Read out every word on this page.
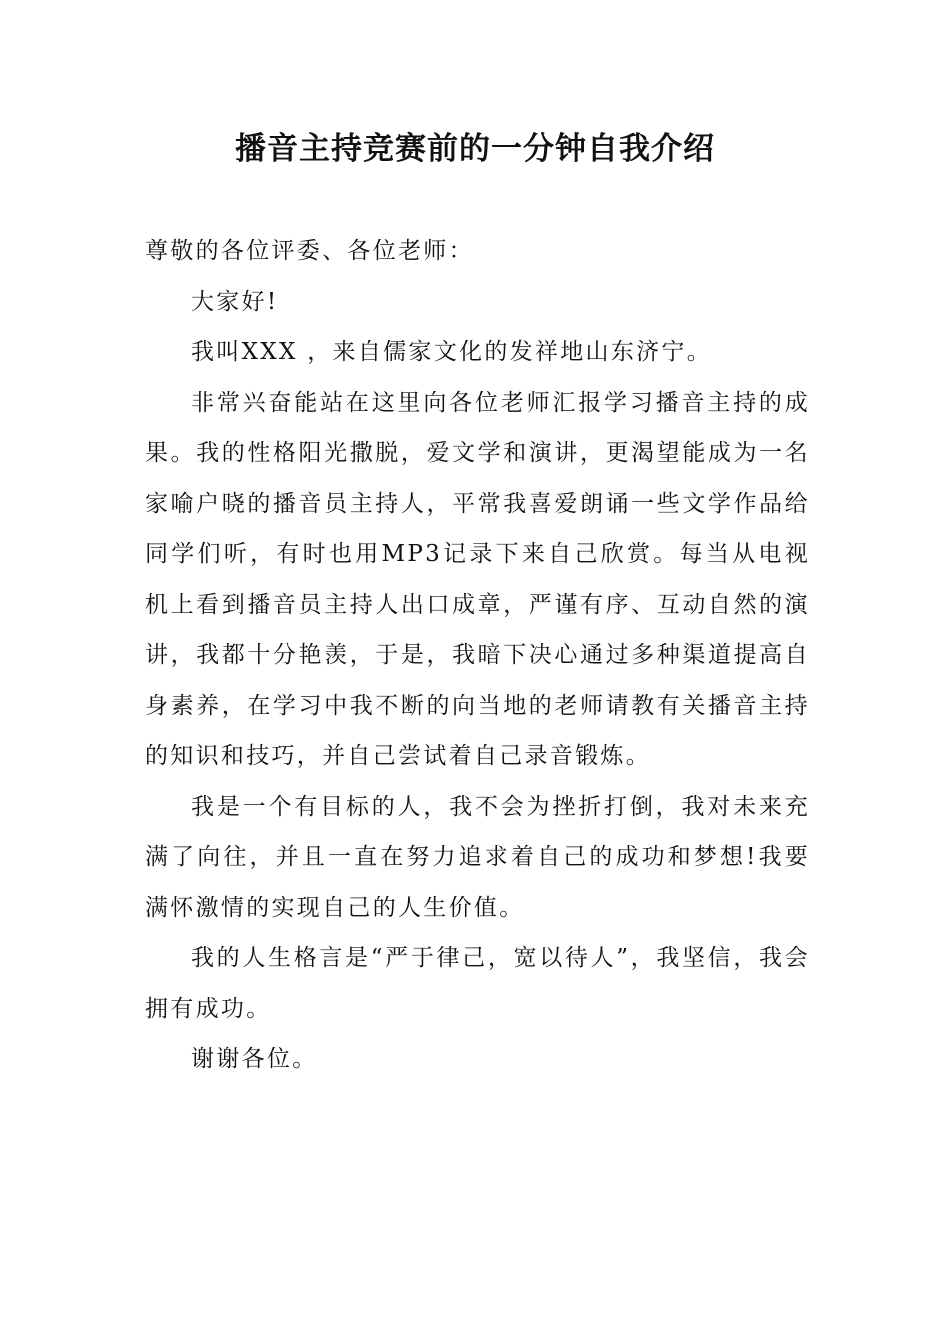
播音主持竞赛前的一分钟自我介绍

尊敬的各位评委、各位老师：

大家好!

我叫XXX ，来自儒家文化的发祥地山东济宁。

非常兴奋能站在这里向各位老师汇报学习播音主持的成果。我的性格阳光撒脱，爱文学和演讲，更渴望能成为一名家喻户晓的播音员主持人，平常我喜爱朗诵一些文学作品给同学们听，有时也用MP3记录下来自己欣赏。每当从电视机上看到播音员主持人出口成章，严谨有序、互动自然的演讲，我都十分艳羡，于是，我暗下决心通过多种渠道提高自身素养，在学习中我不断的向当地的老师请教有关播音主持的知识和技巧，并自己尝试着自己录音锻炼。

我是一个有目标的人，我不会为挫折打倒，我对未来充满了向往，并且一直在努力追求着自己的成功和梦想!我要满怀激情的实现自己的人生价值。

我的人生格言是“严于律己，宽以待人”，我坚信，我会拥有成功。

谢谢各位。
